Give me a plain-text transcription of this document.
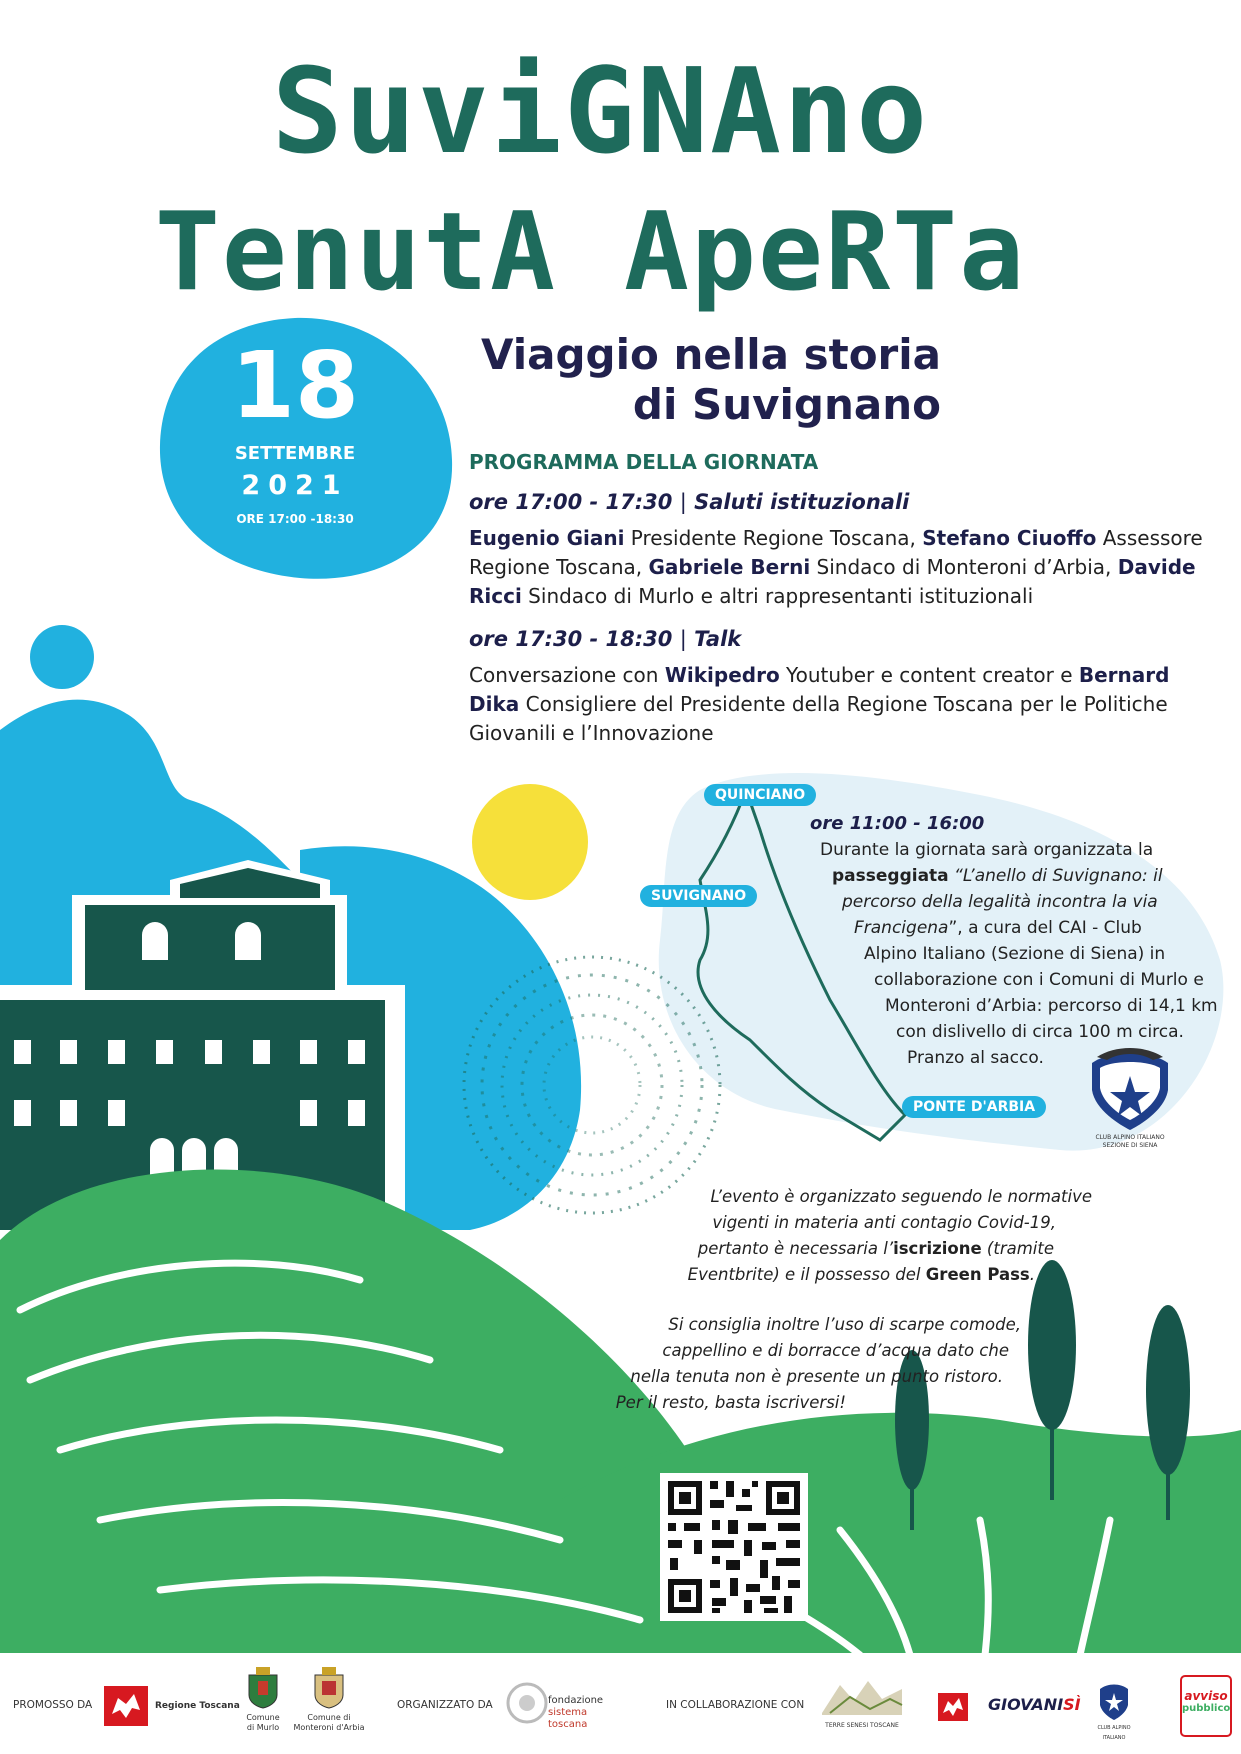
SuviGNAno
TenutA ApeRTa
Viaggio nella storia
di Suvignano
18
SETTEMBRE
2021
ORE 17:00 -18:30
PROGRAMMA DELLA GIORNATA
ore 17:00 - 17:30 | Saluti istituzionali
Eugenio Giani Presidente Regione Toscana, Stefano Ciuoffo Assessore Regione Toscana, Gabriele Berni Sindaco di Monteroni d’Arbia, Davide Ricci Sindaco di Murlo e altri rappresentanti istituzionali
ore 17:30 - 18:30 | Talk
Conversazione con Wikipedro Youtuber e content creator e Bernard Dika Consigliere del Presidente della Regione Toscana per le Politiche Giovanili e l’Innovazione
QUINCIANO
SUVIGNANO
PONTE D'ARBIA
ore 11:00 - 16:00
Durante la giornata sarà organizzata la
passeggiata “L’anello di Suvignano: il
percorso della legalità incontra la via
Francigena”, a cura del CAI - Club
Alpino Italiano (Sezione di Siena) in
collaborazione con i Comuni di Murlo e
Monteroni d’Arbia: percorso di 14,1 km
con dislivello di circa 100 m circa.
Pranzo al sacco.
CLUB ALPINO ITALIANO
SEZIONE DI SIENA
L’evento è organizzato seguendo le normative
vigenti in materia anti contagio Covid-19,
pertanto è necessaria l’iscrizione (tramite
Eventbrite) e il possesso del Green Pass.
Si consiglia inoltre l’uso di scarpe comode,
cappellino e di borracce d’acqua dato che
nella tenuta non è presente un punto ristoro.
Per il resto, basta iscriversi!
PROMOSSO DA	Regione Toscana
Comune
di Murlo
Comune di
Monteroni d'Arbia
ORGANIZZATO DA	fondazione
sistema toscana
IN COLLABORAZIONE CON
TERRE SENESI TOSCANE
GIOVANISÌ
CLUB ALPINO ITALIANO
avviso
pubblico
